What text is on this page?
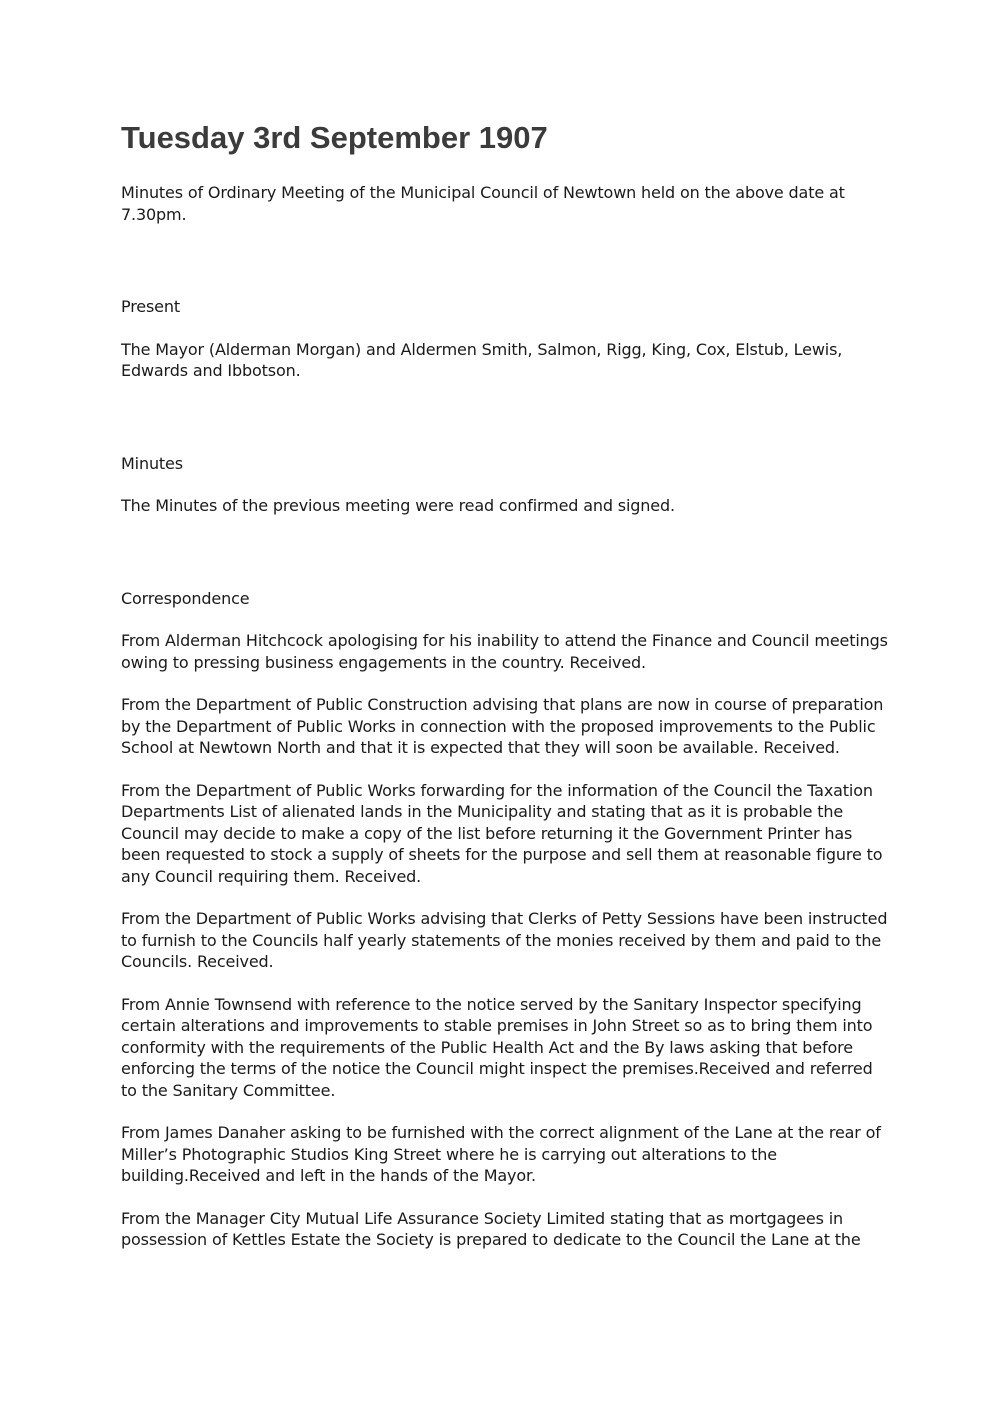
Tuesday 3rd September 1907

Minutes of Ordinary Meeting of the Municipal Council of Newtown held on the above date at 7.30pm.

Present

The Mayor (Alderman Morgan) and Aldermen Smith, Salmon, Rigg, King, Cox, Elstub, Lewis, Edwards and Ibbotson.

Minutes

The Minutes of the previous meeting were read confirmed and signed.

Correspondence

From Alderman Hitchcock apologising for his inability to attend the Finance and Council meetings owing to pressing business engagements in the country. Received.

From the Department of Public Construction advising that plans are now in course of preparation by the Department of Public Works in connection with the proposed improvements to the Public School at Newtown North and that it is expected that they will soon be available. Received.

From the Department of Public Works forwarding for the information of the Council the Taxation Departments List of alienated lands in the Municipality and stating that as it is probable the Council may decide to make a copy of the list before returning it the Government Printer has been requested to stock a supply of sheets for the purpose and sell them at reasonable figure to any Council requiring them. Received.

From the Department of Public Works advising that Clerks of Petty Sessions have been instructed to furnish to the Councils half yearly statements of the monies received by them and paid to the Councils. Received.

From Annie Townsend with reference to the notice served by the Sanitary Inspector specifying certain alterations and improvements to stable premises in John Street so as to bring them into conformity with the requirements of the Public Health Act and the By laws asking that before enforcing the terms of the notice the Council might inspect the premises.Received and referred to the Sanitary Committee.

From James Danaher asking to be furnished with the correct alignment of the Lane at the rear of Miller’s Photographic Studios King Street where he is carrying out alterations to the building.Received and left in the hands of the Mayor.

From the Manager City Mutual Life Assurance Society Limited stating that as mortgagees in possession of Kettles Estate the Society is prepared to dedicate to the Council the Lane at the
